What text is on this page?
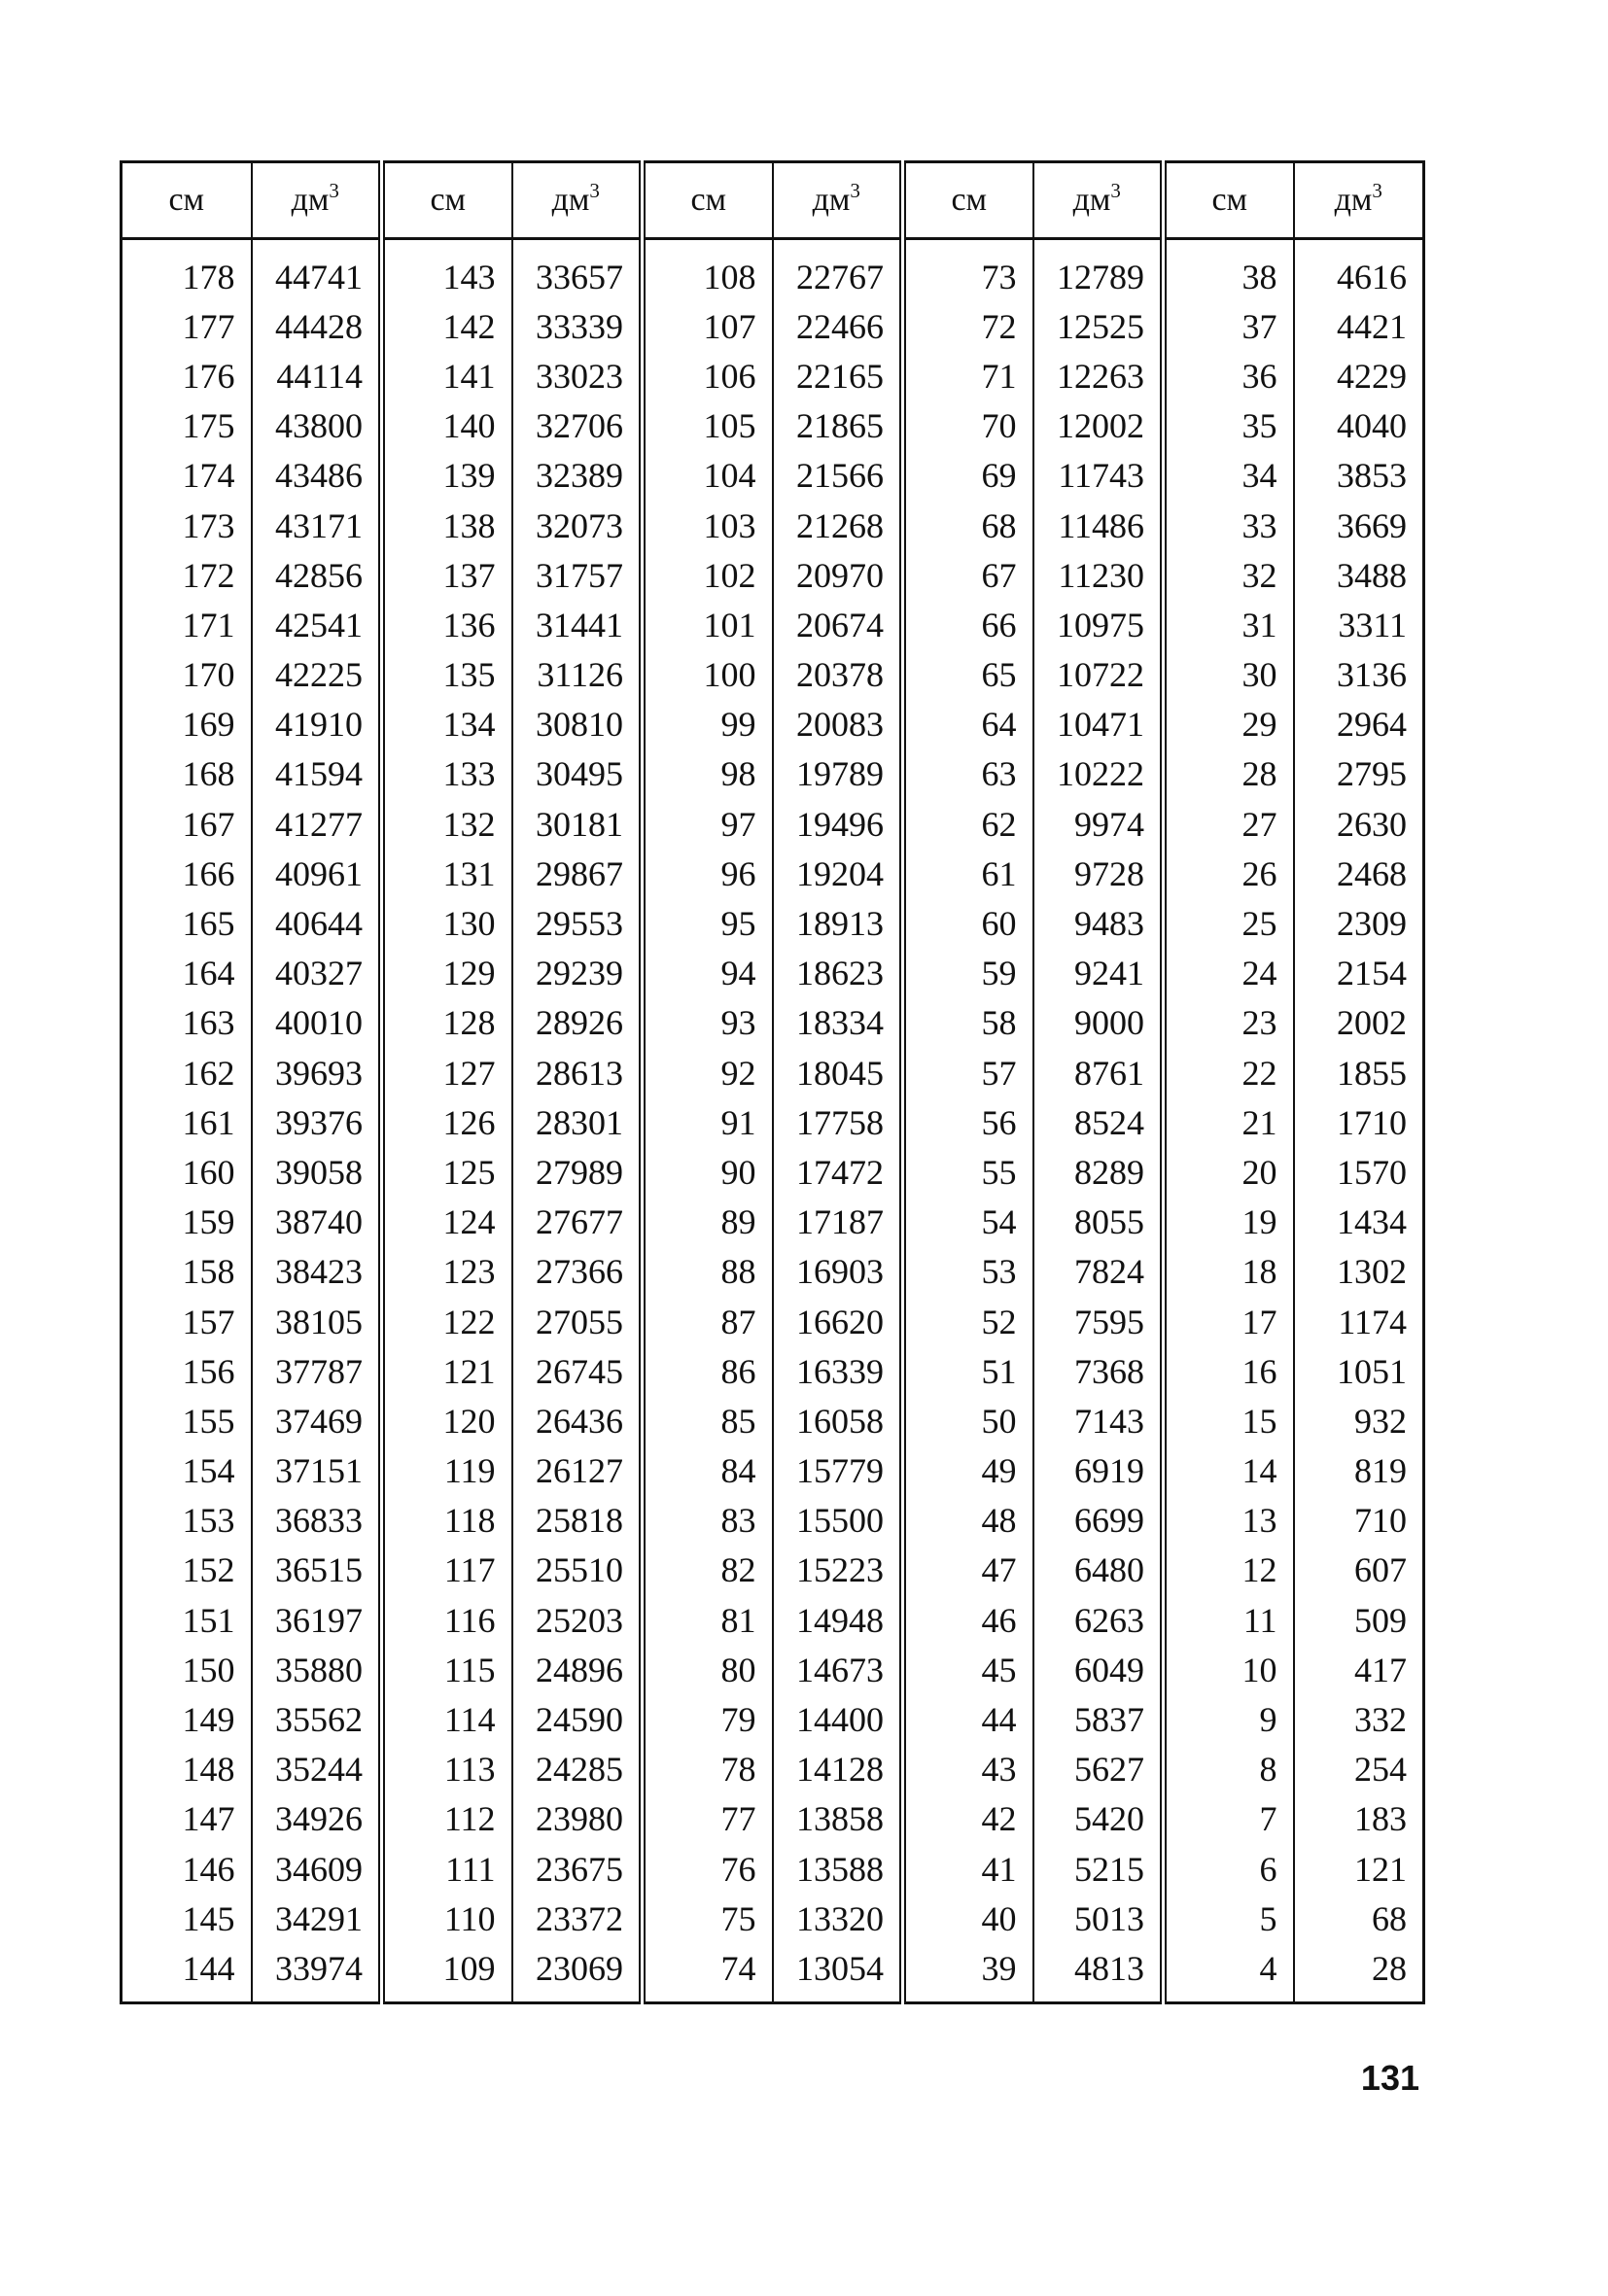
см	$дм^3$	см	$дм^3$	см	$дм^3$	см	$дм^3$	см	$дм^3$
178	44741	143	33657	108	22767	73	12789	38	4616
177	44428	142	33339	107	22466	72	12525	37	4421
176	44114	141	33023	106	22165	71	12263	36	4229
175	43800	140	32706	105	21865	70	12002	35	4040
174	43486	139	32389	104	21566	69	11743	34	3853
173	43171	138	32073	103	21268	68	11486	33	3669
172	42856	137	31757	102	20970	67	11230	32	3488
171	42541	136	31441	101	20674	66	10975	31	3311
170	42225	135	31126	100	20378	65	10722	30	3136
169	41910	134	30810	99	20083	64	10471	29	2964
168	41594	133	30495	98	19789	63	10222	28	2795
167	41277	132	30181	97	19496	62	9974	27	2630
166	40961	131	29867	96	19204	61	9728	26	2468
165	40644	130	29553	95	18913	60	9483	25	2309
164	40327	129	29239	94	18623	59	9241	24	2154
163	40010	128	28926	93	18334	58	9000	23	2002
162	39693	127	28613	92	18045	57	8761	22	1855
161	39376	126	28301	91	17758	56	8524	21	1710
160	39058	125	27989	90	17472	55	8289	20	1570
159	38740	124	27677	89	17187	54	8055	19	1434
158	38423	123	27366	88	16903	53	7824	18	1302
157	38105	122	27055	87	16620	52	7595	17	1174
156	37787	121	26745	86	16339	51	7368	16	1051
155	37469	120	26436	85	16058	50	7143	15	932
154	37151	119	26127	84	15779	49	6919	14	819
153	36833	118	25818	83	15500	48	6699	13	710
152	36515	117	25510	82	15223	47	6480	12	607
151	36197	116	25203	81	14948	46	6263	11	509
150	35880	115	24896	80	14673	45	6049	10	417
149	35562	114	24590	79	14400	44	5837	9	332
148	35244	113	24285	78	14128	43	5627	8	254
147	34926	112	23980	77	13858	42	5420	7	183
146	34609	111	23675	76	13588	41	5215	6	121
145	34291	110	23372	75	13320	40	5013	5	68
144	33974	109	23069	74	13054	39	4813	4	28
131
